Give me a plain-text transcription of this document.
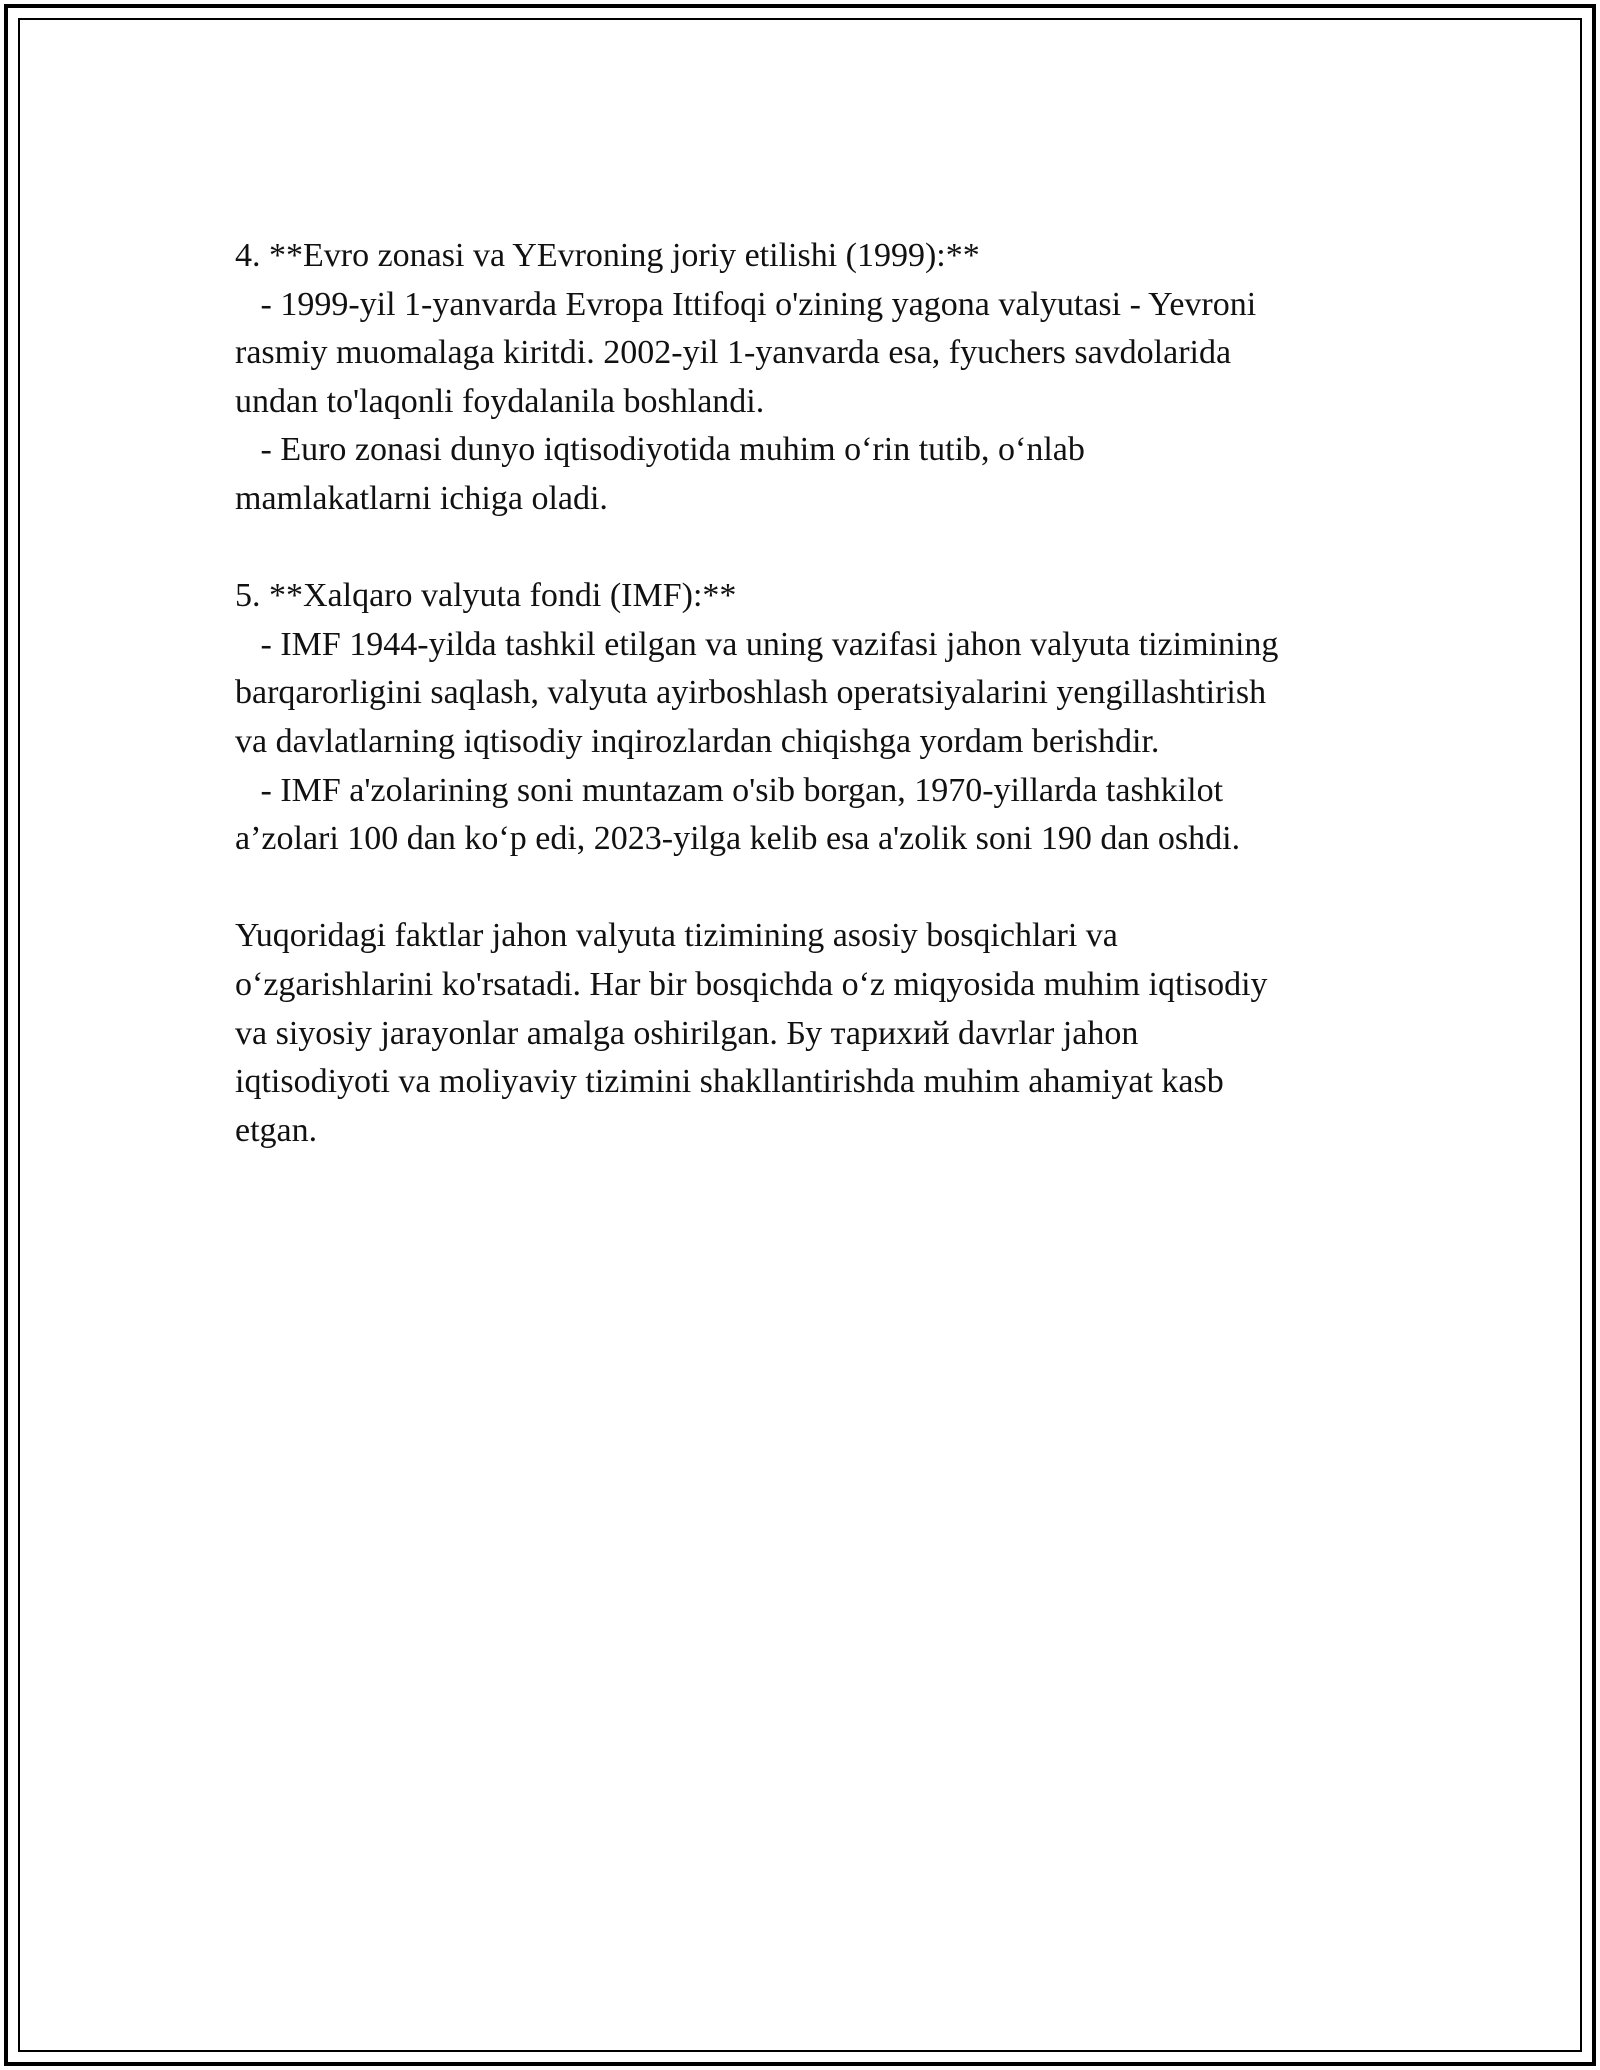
4. **Evro zonasi va YEvroning joriy etilishi (1999):**
- 1999-yil 1-yanvarda Evropa Ittifoqi o'zining yagona valyutasi - Yevroni
rasmiy muomalaga kiritdi. 2002-yil 1-yanvarda esa, fyuchers savdolarida
undan to'laqonli foydalanila boshlandi.
- Euro zonasi dunyo iqtisodiyotida muhim o‘rin tutib, o‘nlab
mamlakatlarni ichiga oladi.
5. **Xalqaro valyuta fondi (IMF):**
- IMF 1944-yilda tashkil etilgan va uning vazifasi jahon valyuta tizimining
barqarorligini saqlash, valyuta ayirboshlash operatsiyalarini yengillashtirish
va davlatlarning iqtisodiy inqirozlardan chiqishga yordam berishdir.
- IMF a'zolarining soni muntazam o'sib borgan, 1970-yillarda tashkilot
a’zolari 100 dan ko‘p edi, 2023-yilga kelib esa a'zolik soni 190 dan oshdi.
Yuqoridagi faktlar jahon valyuta tizimining asosiy bosqichlari va
o‘zgarishlarini ko'rsatadi. Har bir bosqichda o‘z miqyosida muhim iqtisodiy
va siyosiy jarayonlar amalga oshirilgan. Бу тарихий davrlar jahon
iqtisodiyoti va moliyaviy tizimini shakllantirishda muhim ahamiyat kasb
etgan.
